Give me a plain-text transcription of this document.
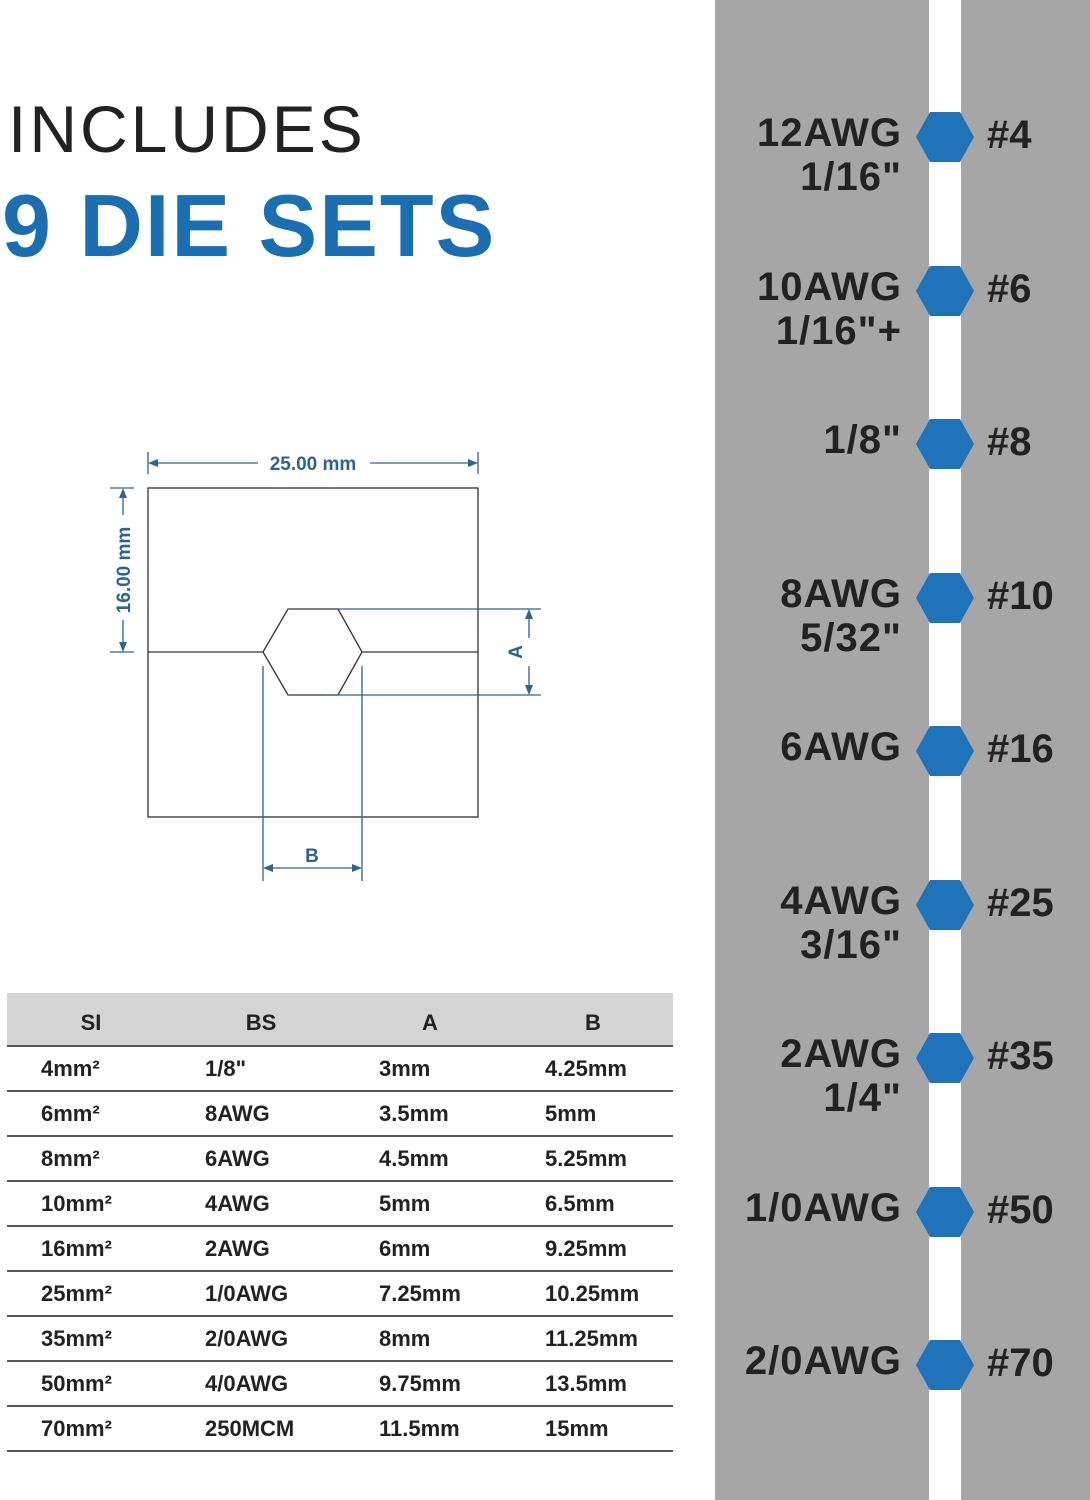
INCLUDES
9 DIE SETS
25.00 mm
16.00 mm
A
B
SI	BS	A	B
4mm²	1/8"	3mm	4.25mm
6mm²	8AWG	3.5mm	5mm
8mm²	6AWG	4.5mm	5.25mm
10mm²	4AWG	5mm	6.5mm
16mm²	2AWG	6mm	9.25mm
25mm²	1/0AWG	7.25mm	10.25mm
35mm²	2/0AWG	8mm	11.25mm
50mm²	4/0AWG	9.75mm	13.5mm
70mm²	250MCM	11.5mm	15mm
12AWG
1/16"
#4
10AWG
1/16"+
#6
1/8" #8
8AWG
5/32"
#10
6AWG #16
4AWG
3/16"
#25
2AWG
1/4"
#35
1/0AWG #50
2/0AWG #70
